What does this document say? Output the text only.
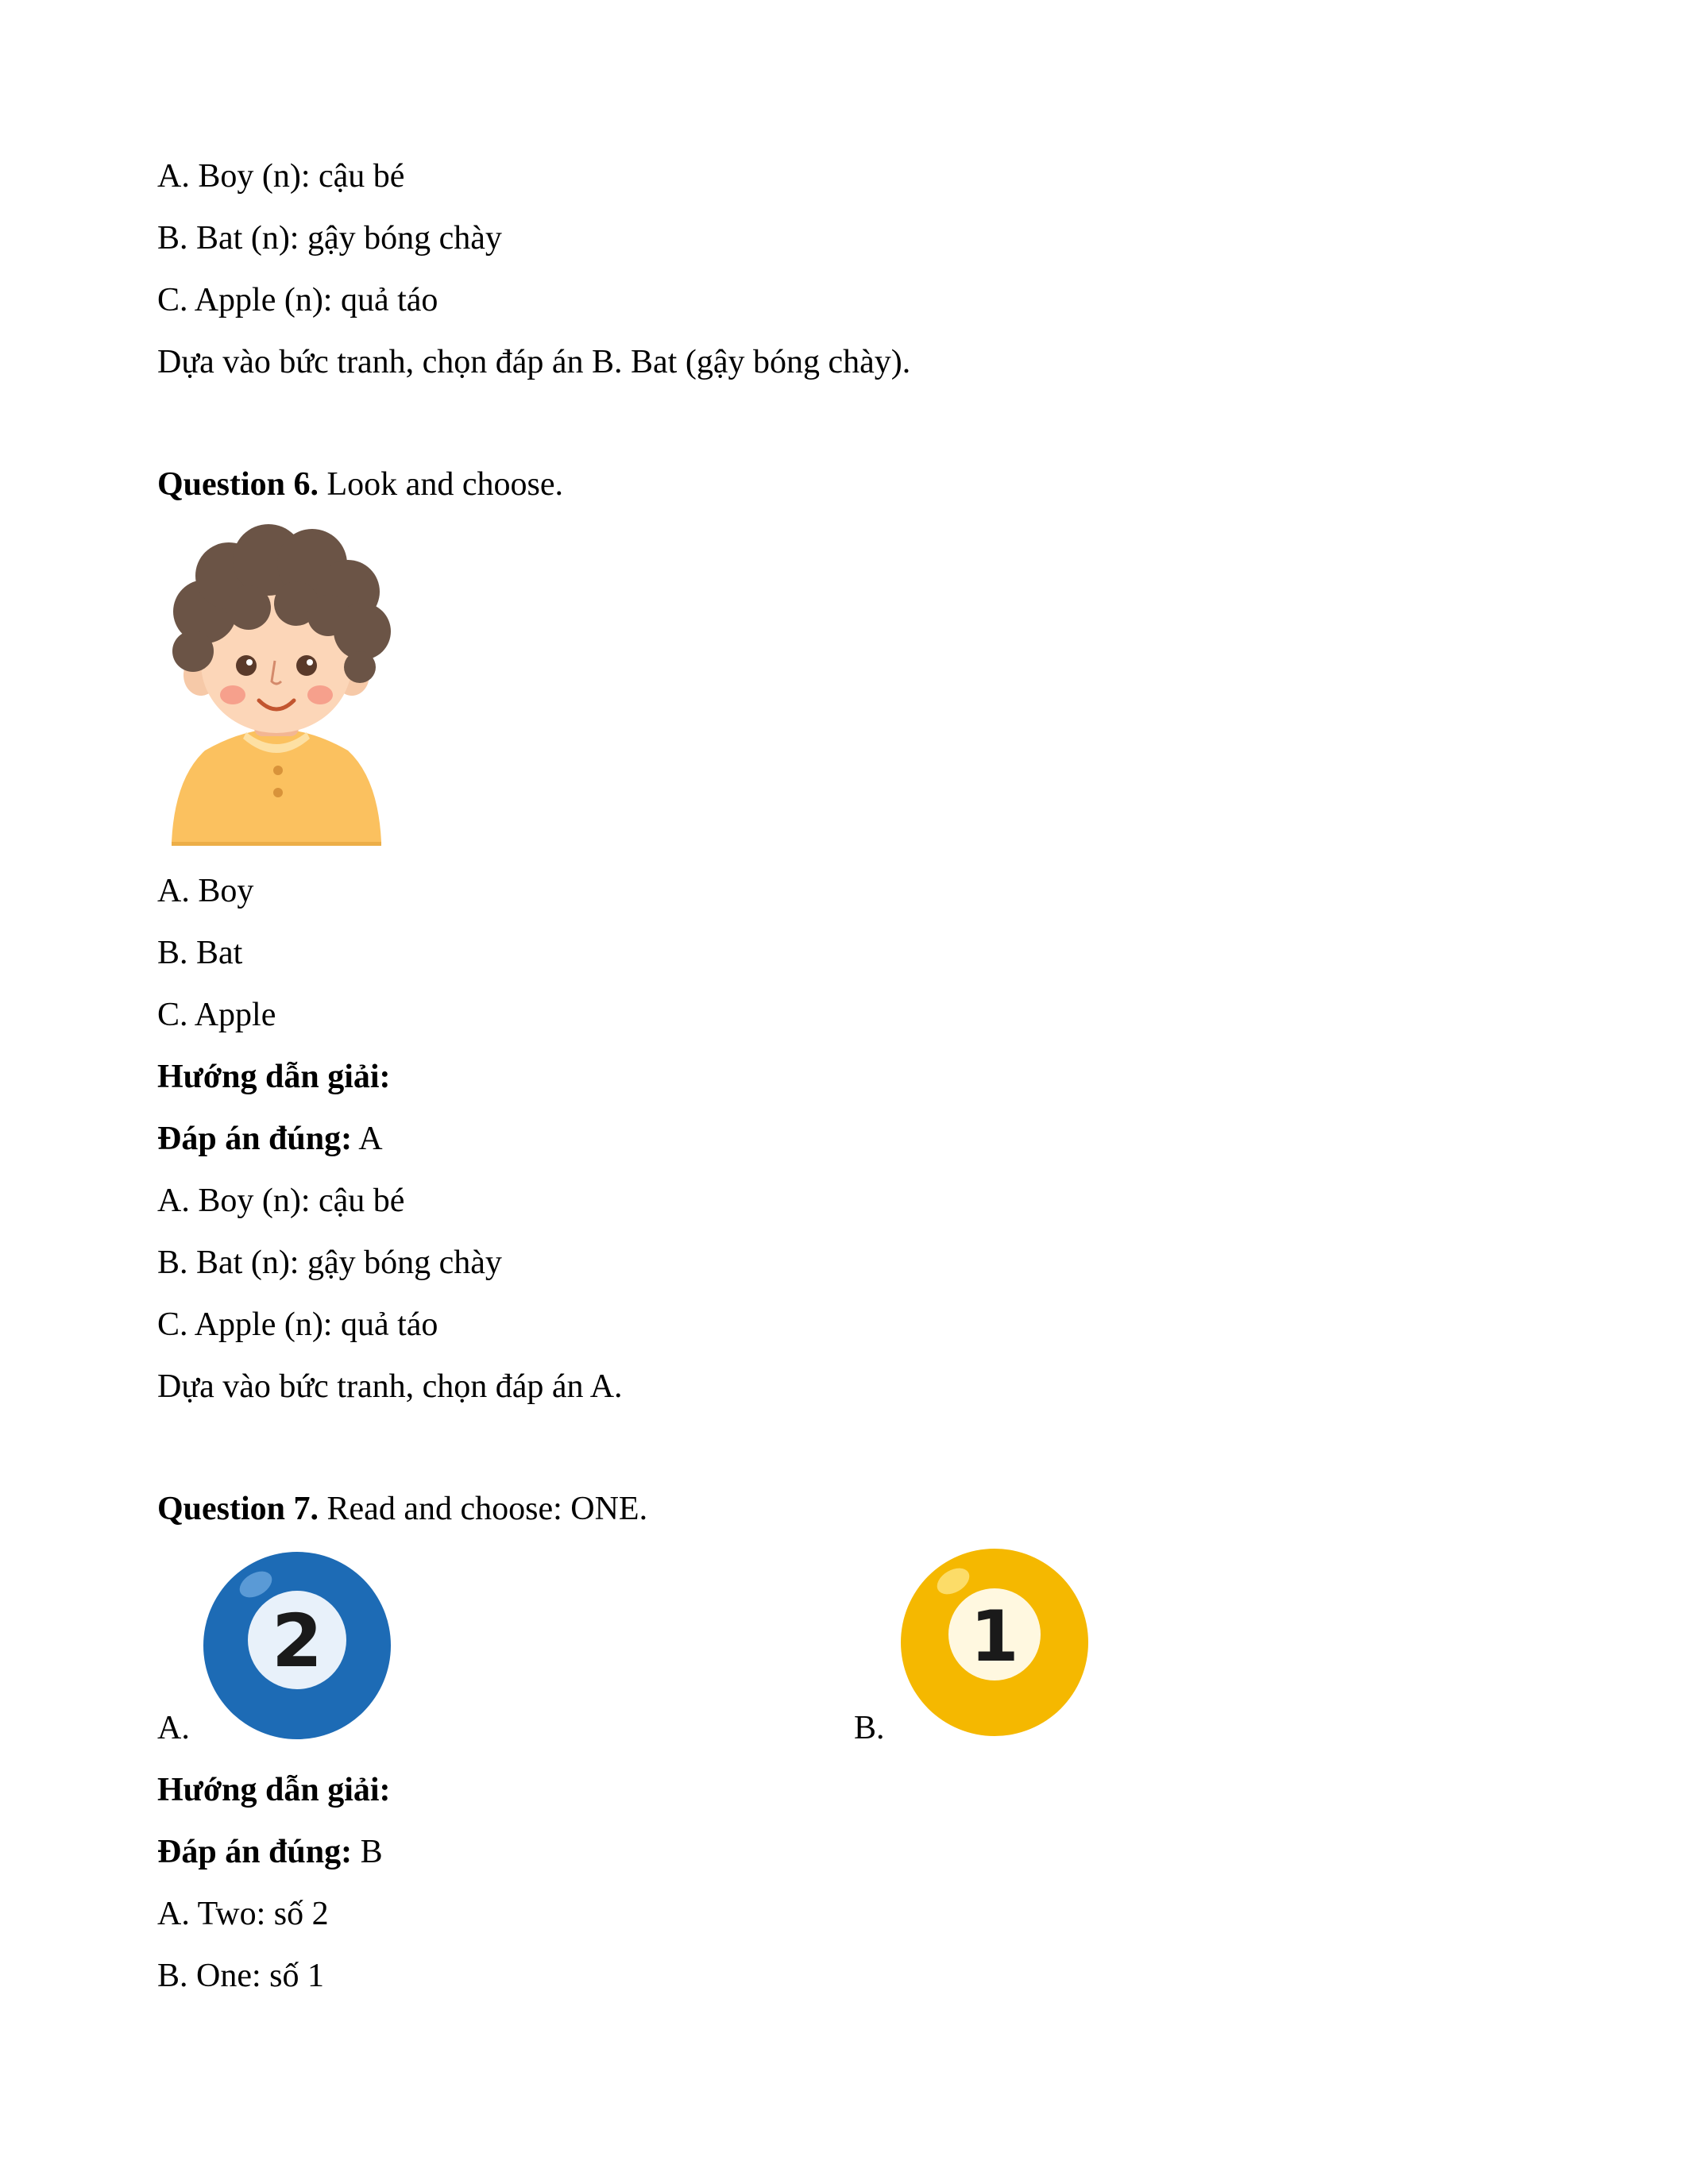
A. Boy (n): cậu bé
B. Bat (n): gậy bóng chày
C. Apple (n): quả táo
Dựa vào bức tranh, chọn đáp án B. Bat (gậy bóng chày).
Question 6. Look and choose.
A. Boy
B. Bat
C. Apple
Hướng dẫn giải:
Đáp án đúng: A
A. Boy (n): cậu bé
B. Bat (n): gậy bóng chày
C. Apple (n): quả táo
Dựa vào bức tranh, chọn đáp án A.
Question 7. Read and choose: ONE.
2
A.
1
B.
Hướng dẫn giải:
Đáp án đúng: B
A. Two: số 2
B. One: số 1
